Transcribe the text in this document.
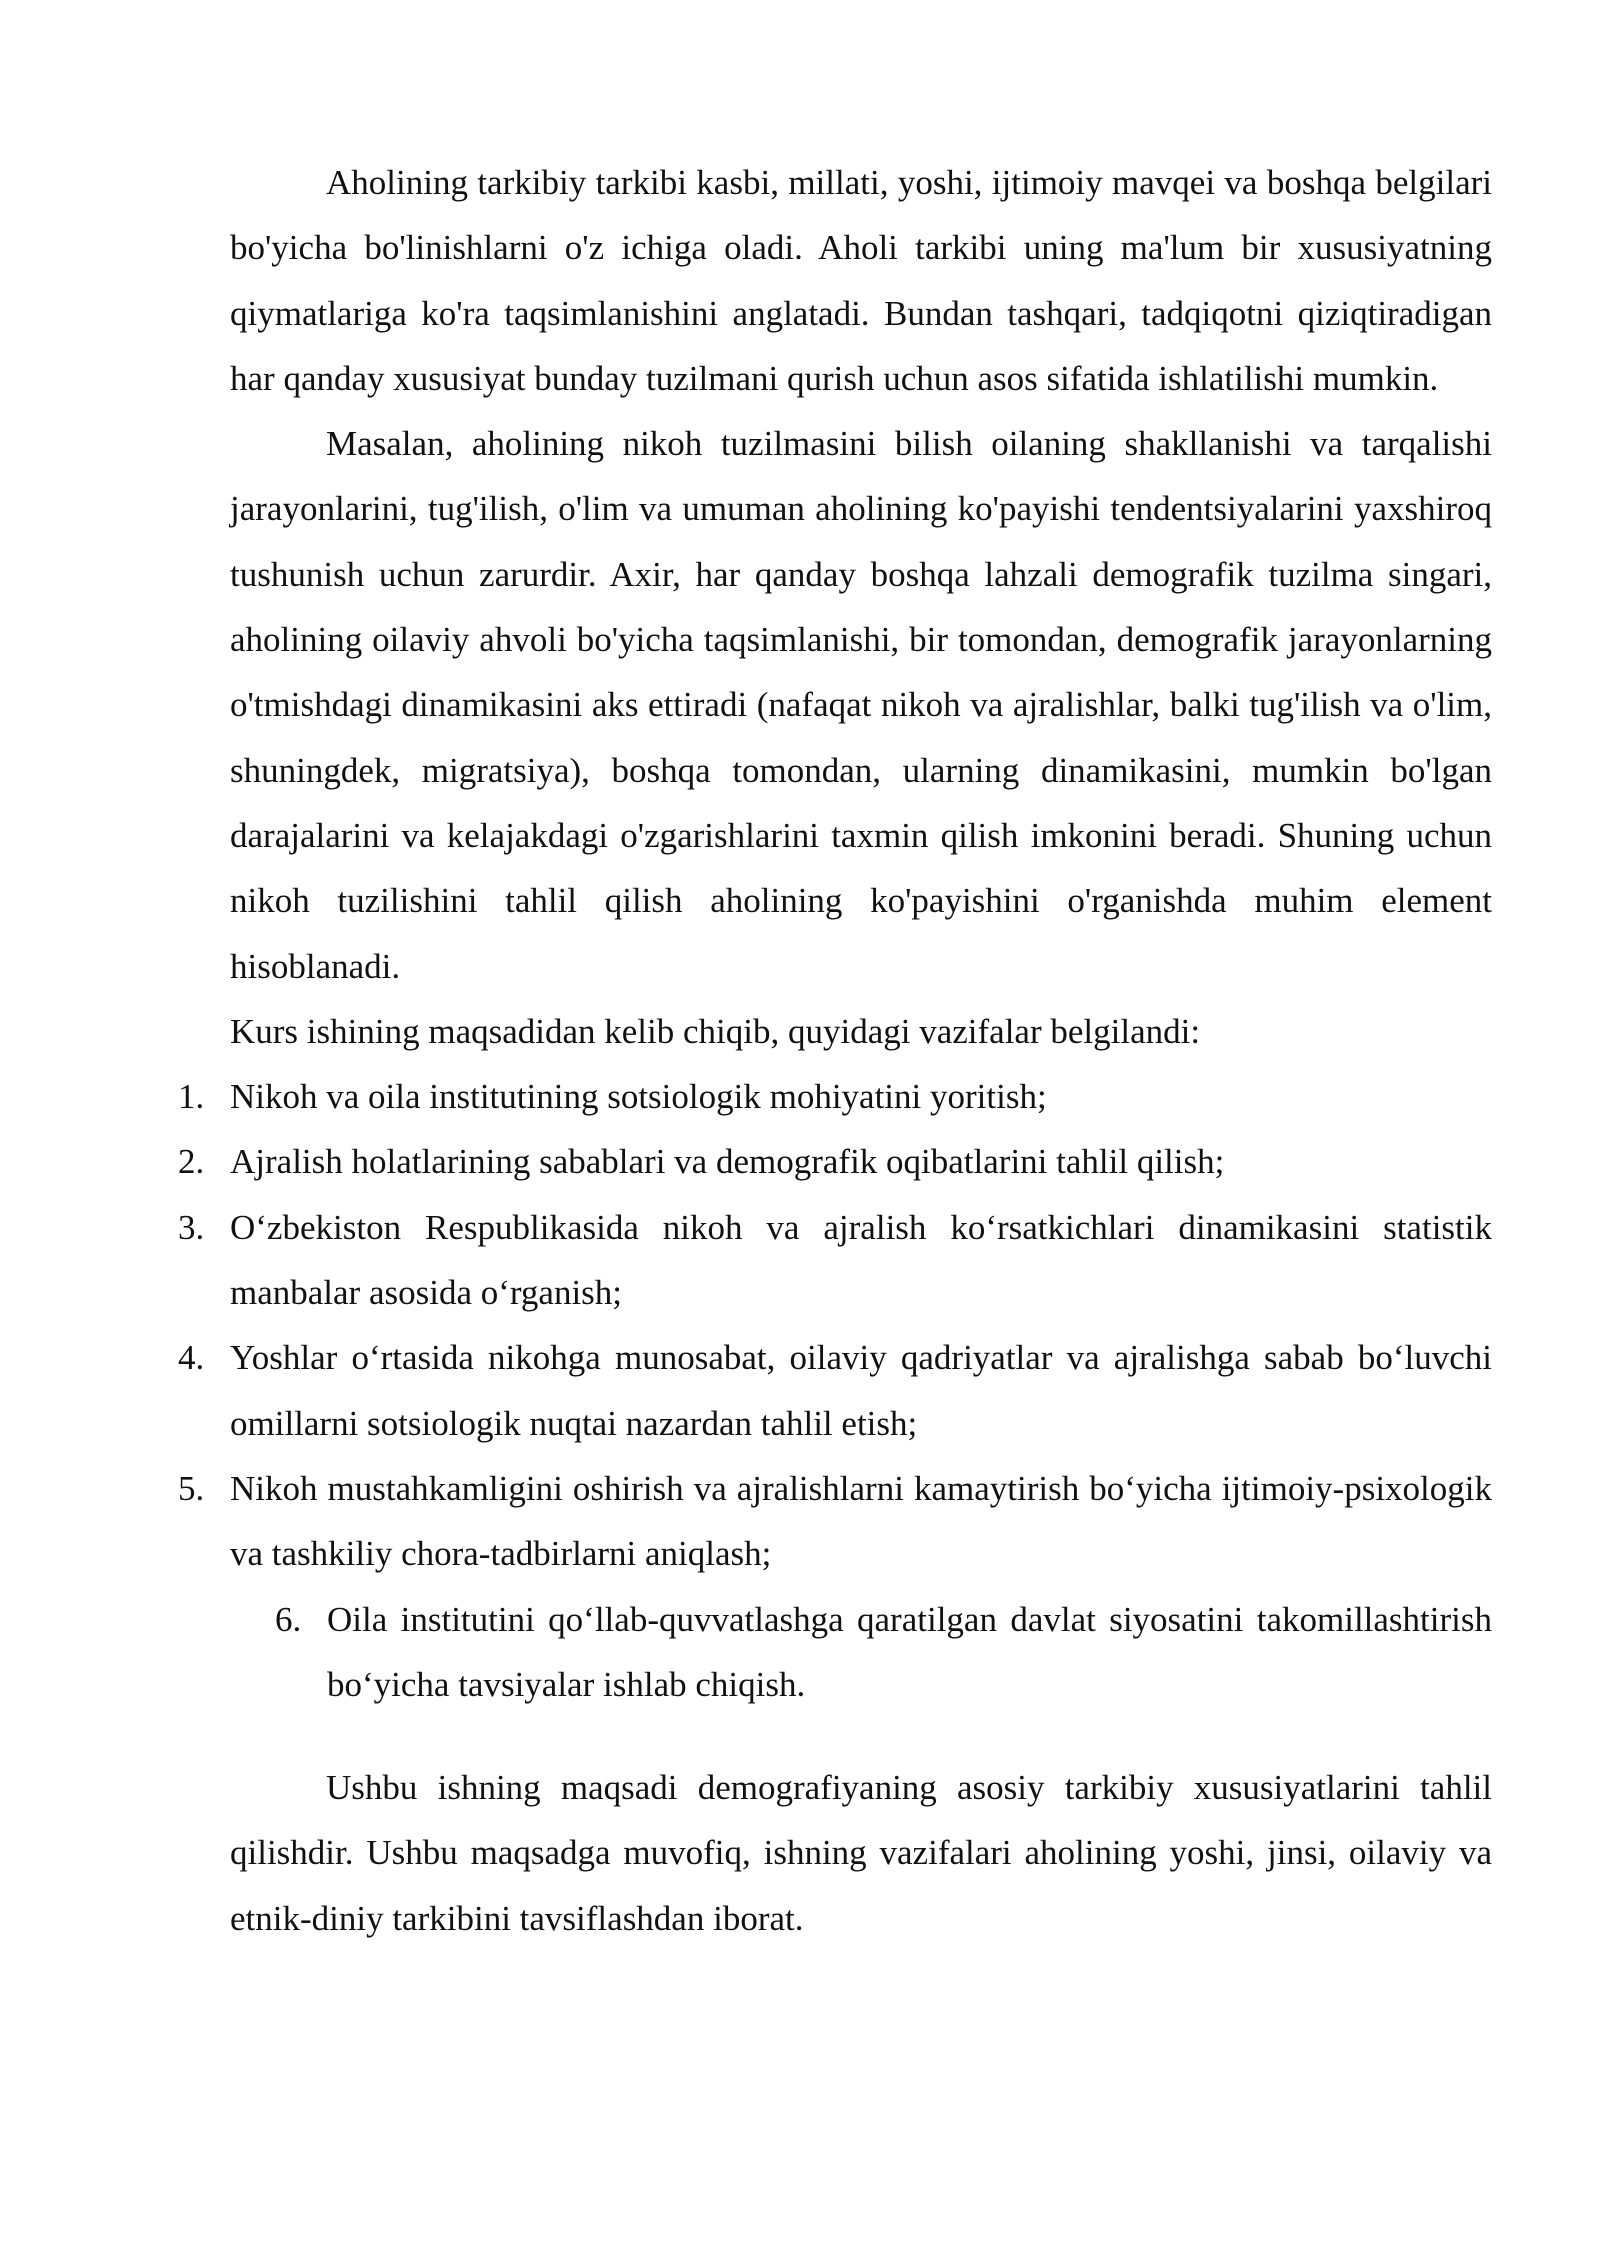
Aholining tarkibiy tarkibi kasbi, millati, yoshi, ijtimoiy mavqei va boshqa belgilari bo'yicha bo'linishlarni o'z ichiga oladi. Aholi tarkibi uning ma'lum bir xususiyatning qiymatlariga ko'ra taqsimlanishini anglatadi. Bundan tashqari, tadqiqotni qiziqtiradigan har qanday xususiyat bunday tuzilmani qurish uchun asos sifatida ishlatilishi mumkin.

Masalan, aholining nikoh tuzilmasini bilish oilaning shakllanishi va tarqalishi jarayonlarini, tug'ilish, o'lim va umuman aholining ko'payishi tendentsiyalarini yaxshiroq tushunish uchun zarurdir. Axir, har qanday boshqa lahzali demografik tuzilma singari, aholining oilaviy ahvoli bo'yicha taqsimlanishi, bir tomondan, demografik jarayonlarning o'tmishdagi dinamikasini aks ettiradi (nafaqat nikoh va ajralishlar, balki tug'ilish va o'lim, shuningdek, migratsiya), boshqa tomondan, ularning dinamikasini, mumkin bo'lgan darajalarini va kelajakdagi o'zgarishlarini taxmin qilish imkonini beradi. Shuning uchun nikoh tuzilishini tahlil qilish aholining ko'payishini o'rganishda muhim element hisoblanadi.

Kurs ishining maqsadidan kelib chiqib, quyidagi vazifalar belgilandi:

1. Nikoh va oila institutining sotsiologik mohiyatini yoritish;
2. Ajralish holatlarining sabablari va demografik oqibatlarini tahlil qilish;
3. O‘zbekiston Respublikasida nikoh va ajralish ko‘rsatkichlari dinamikasini statistik manbalar asosida o‘rganish;
4. Yoshlar o‘rtasida nikohga munosabat, oilaviy qadriyatlar va ajralishga sabab bo‘luvchi omillarni sotsiologik nuqtai nazardan tahlil etish;
5. Nikoh mustahkamligini oshirish va ajralishlarni kamaytirish bo‘yicha ijtimoiy-psixologik va tashkiliy chora-tadbirlarni aniqlash;
6. Oila institutini qo‘llab-quvvatlashga qaratilgan davlat siyosatini takomillashtirish bo‘yicha tavsiyalar ishlab chiqish.

Ushbu ishning maqsadi demografiyaning asosiy tarkibiy xususiyatlarini tahlil qilishdir. Ushbu maqsadga muvofiq, ishning vazifalari aholining yoshi, jinsi, oilaviy va etnik-diniy tarkibini tavsiflashdan iborat.
